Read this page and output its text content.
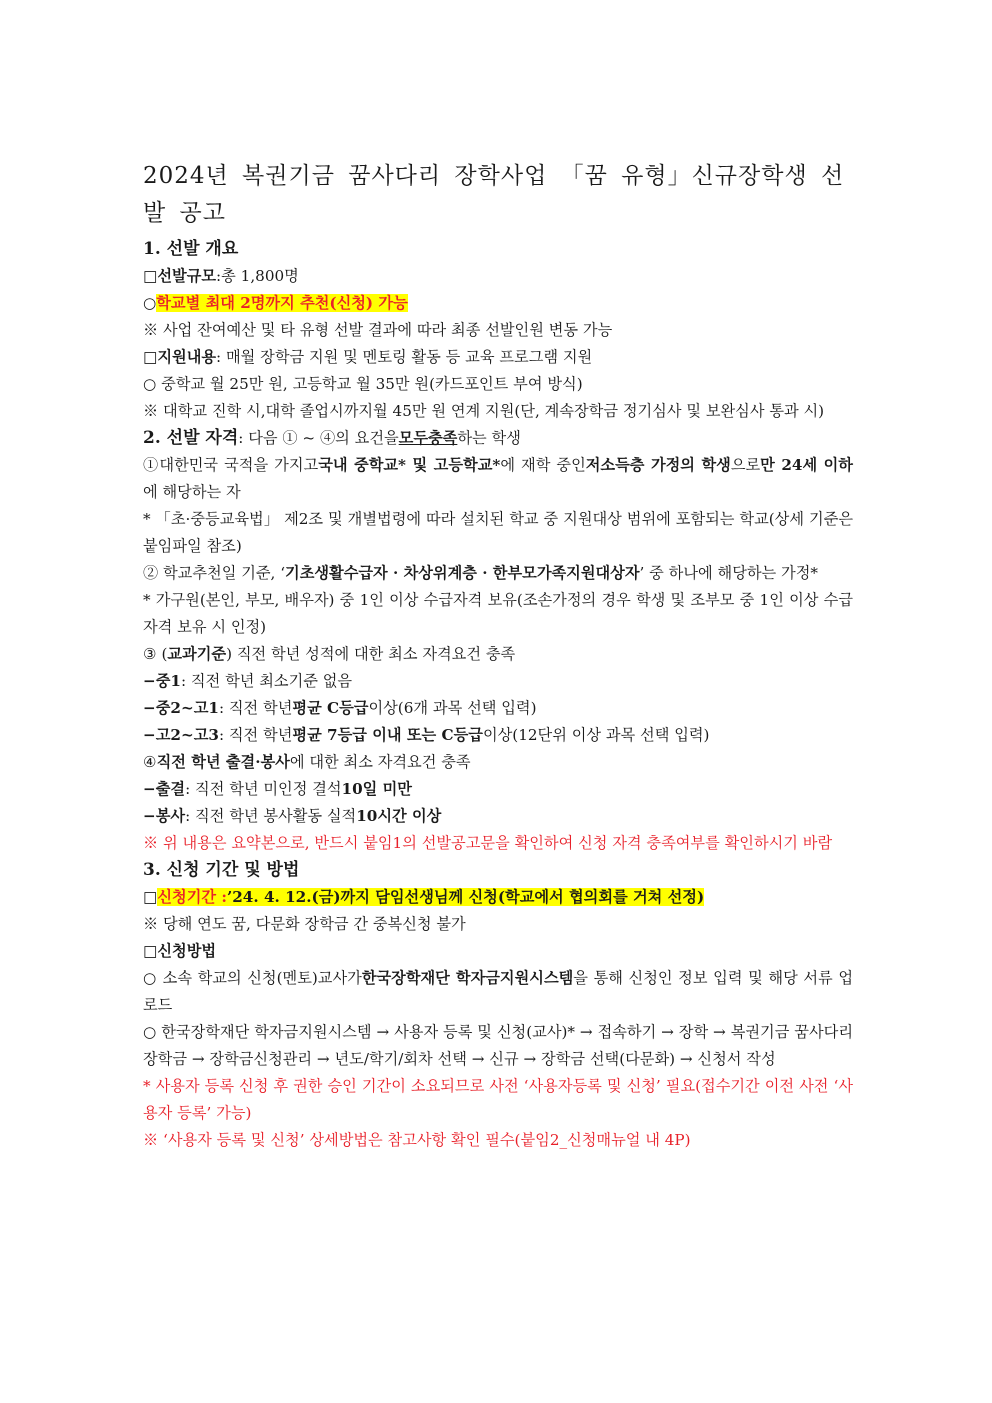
2024년 복권기금 꿈사다리 장학사업 「꿈 유형」신규장학생 선발 공고
1. 선발 개요
□선발규모:총 1,800명
○학교별 최대 2명까지 추천(신청) 가능
※ 사업 잔여예산 및 타 유형 선발 결과에 따라 최종 선발인원 변동 가능
□지원내용: 매월 장학금 지원 및 멘토링 활동 등 교육 프로그램 지원
○ 중학교 월 25만 원, 고등학교 월 35만 원(카드포인트 부여 방식)
※ 대학교 진학 시,대학 졸업시까지월 45만 원 연계 지원(단, 계속장학금 정기심사 및 보완심사 통과 시)
2. 선발 자격: 다음 ① ~ ④의 요건을모두충족하는 학생
①대한민국 국적을 가지고국내 중학교* 및 고등학교*에 재학 중인저소득층 가정의 학생으로만 24세 이하에 해당하는 자
* 「초·중등교육법」 제2조 및 개별법령에 따라 설치된 학교 중 지원대상 범위에 포함되는 학교(상세 기준은 붙임파일 참조)
② 학교추천일 기준, ‘기초생활수급자 · 차상위계층 · 한부모가족지원대상자’ 중 하나에 해당하는 가정*
* 가구원(본인, 부모, 배우자) 중 1인 이상 수급자격 보유(조손가정의 경우 학생 및 조부모 중 1인 이상 수급자격 보유 시 인정)
③ (교과기준) 직전 학년 성적에 대한 최소 자격요건 충족
−중1: 직전 학년 최소기준 없음
−중2~고1: 직전 학년평균 C등급이상(6개 과목 선택 입력)
−고2~고3: 직전 학년평균 7등급 이내 또는 C등급이상(12단위 이상 과목 선택 입력)
④직전 학년 출결·봉사에 대한 최소 자격요건 충족
−출결: 직전 학년 미인정 결석10일 미만
−봉사: 직전 학년 봉사활동 실적10시간 이상
※ 위 내용은 요약본으로, 반드시 붙임1의 선발공고문을 확인하여 신청 자격 충족여부를 확인하시기 바람
3. 신청 기간 및 방법
□신청기간 :’24. 4. 12.(금)까지 담임선생님께 신청(학교에서 협의회를 거쳐 선정)
※ 당해 연도 꿈, 다문화 장학금 간 중복신청 불가
□신청방법
○ 소속 학교의 신청(멘토)교사가한국장학재단 학자금지원시스템을 통해 신청인 정보 입력 및 해당 서류 업로드
○ 한국장학재단 학자금지원시스템 → 사용자 등록 및 신청(교사)* → 접속하기 → 장학 → 복권기금 꿈사다리 장학금 → 장학금신청관리 → 년도/학기/회차 선택 → 신규 → 장학금 선택(다문화) → 신청서 작성
* 사용자 등록 신청 후 권한 승인 기간이 소요되므로 사전 ‘사용자등록 및 신청’ 필요(접수기간 이전 사전 ‘사용자 등록’ 가능)
※ ‘사용자 등록 및 신청’ 상세방법은 참고사항 확인 필수(붙임2_신청매뉴얼 내 4P)
